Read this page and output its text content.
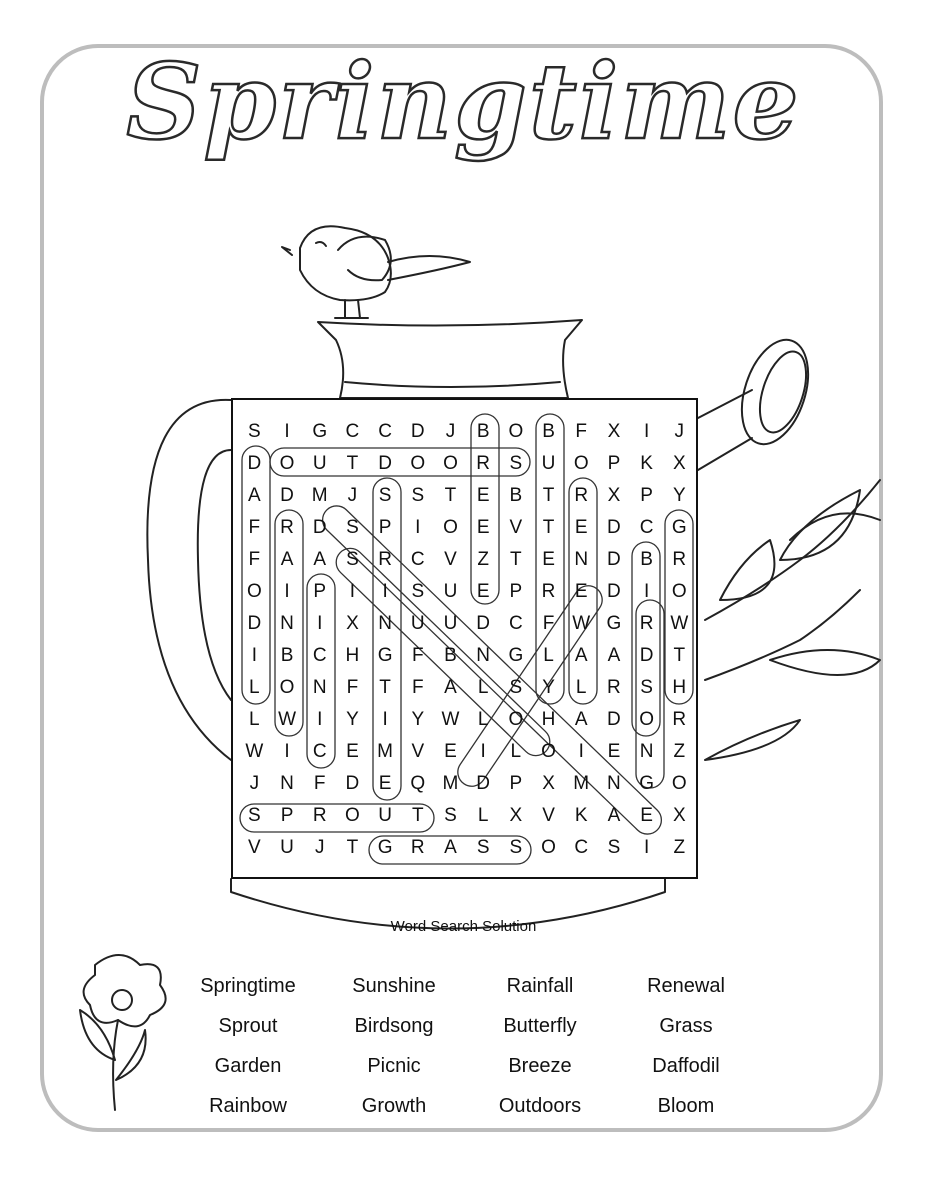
Springtime
S	I	G C C D	J	B O B	F	X	I	J
D O U	T	D O O R	S	U O P	K	X
A	D M	J	S	S	T	E	B	T	R	X	P	Y
F	R D	S	P	I	O E	V	T	E	D C G
F	A	A	S	R C	V	Z	T	E	N D	B	R
O	I	P	I	I	S	U	E	P	R	E	D	I	O
D N	I	X	N U U D C	F W G R W
I	B	C H G	F	B	N G	L	A	A	D	T
L	O N	F	T	F	A	L	S	Y	L	R	S	H
L W	I	Y	I	Y W L	O H	A	D O R
W	I	C	E M V	E	I	L	O	I	E	N	Z
J	N	F	D	E Q M D	P	X M N G O
S	P	R O U	T	S	L	X	V	K	A	E	X
V	U	J	T	G R	A	S	S O C	S	I	Z
Word Search Solution
Springtime	Sunshine	Rainfall	Renewal
Sprout	Birdsong	Butterfly	Grass
Garden	Picnic	Breeze	Daffodil
Rainbow	Growth	Outdoors	Bloom
